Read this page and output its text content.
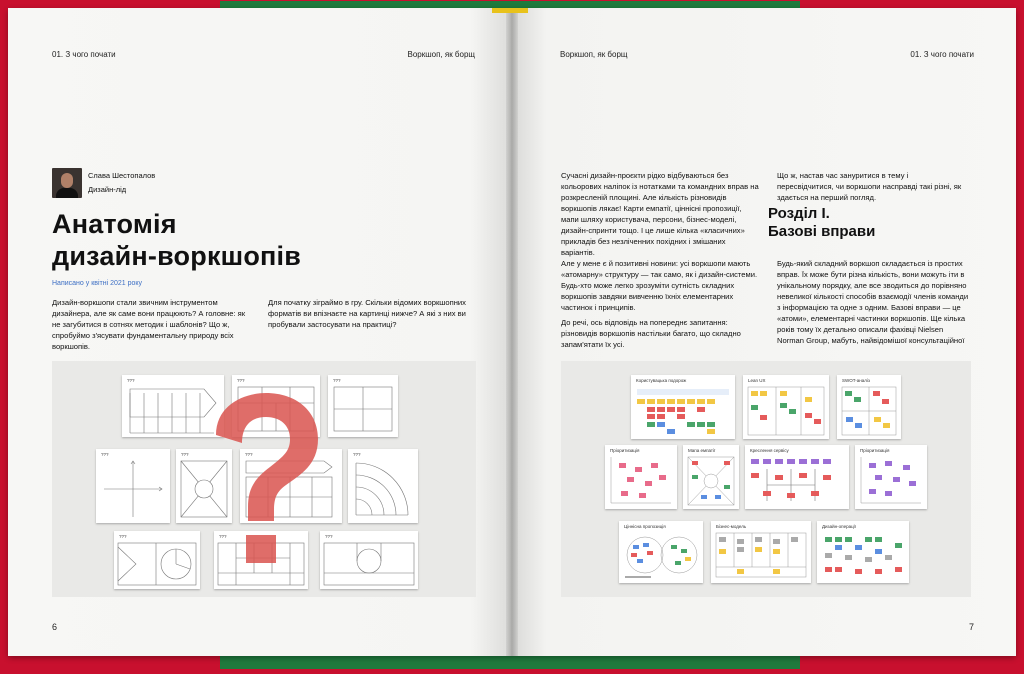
01. З чого почати	Воркшоп, як борщ
Слава Шестопалов
Дизайн-лід
Анатомія
дизайн-воркшопів
Написано у квітні 2021 року
Дизайн-воркшопи стали звичним інструментом дизайнера, але як саме вони працюють? А головне: як не загубитися в сотнях методик і шаблонів? Що ж, спробуймо з'ясувати фундаментальну природу всіх воркшопів.
Для початку зіграймо в гру. Скільки відомих воркшопних форматів ви впізнаєте на картинці нижче? А які з них ви пробували застосувати на практиці?
???	???	???
???	???	???	???
???	???	???
6
Воркшоп, як борщ	01. З чого почати
7
Сучасні дизайн-проєкти рідко відбуваються без кольорових наліпок із нотатками та командних вправ на розкресленій площині. Але кількість різновидів воркшопів лякає! Карти емпатії, ціннісні пропозиції, мапи шляху користувача, персони, бізнес-моделі, дизайн-спринти тощо. І це лише кілька «класичних» прикладів без незліченних похідних і змішаних варіантів.
Але у мене є й позитивні новини: усі воркшопи мають «атомарну» структуру — так само, як і дизайн-системи. Будь-хто може легко зрозуміти сутність складних воркшопів завдяки вивченню їхніх елементарних частинок і принципів.
До речі, ось відповідь на попереднє запитання: різновидів воркшопів настільки багато, що складно запам'ятати їх усі.
Що ж, настав час зануритися в тему і пересвідчитися, чи воркшопи насправді такі різні, як здається на перший погляд.
Розділ I.
Базові вправи
Будь-який складний воркшоп складається із простих вправ. Їх може бути різна кількість, вони можуть іти в унікальному порядку, але все зводиться до порівняно невеликої кількості способів взаємодії членів команди з інформацією та одне з одним. Базові вправи — це «атоми», елементарні частинки воркшопів. Ще кілька років тому їх детально описали фахівці Nielsen Norman Group, мабуть, найвідомішої консультаційної
Користувацька подорож	Lean UX	SWOT-аналіз
Пріоритизація	Мапа емпатії	Креслення сервісу	Пріоритизація
Ціннісна пропозиція	Бізнес-модель	Дизайн-операції
